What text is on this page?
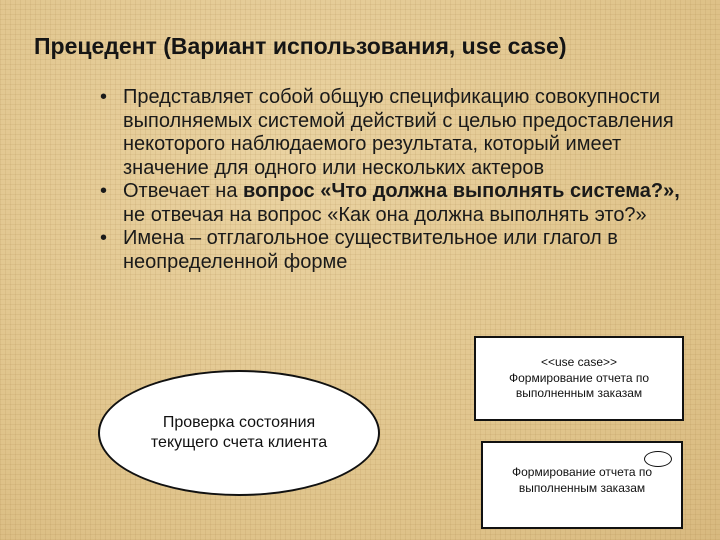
Прецедент (Вариант использования, use case)
• Представляет собой общую спецификацию совокупности выполняемых системой действий с целью предоставления некоторого наблюдаемого результата, который имеет значение для одного или нескольких актеров
• Отвечает на вопрос «Что должна выполнять система?», не отвечая на вопрос «Как она должна выполнять это?»
• Имена – отглагольное существительное или глагол в неопределенной форме
Проверка состояния
текущего счета клиента
<<use case>>
Формирование отчета по
выполненным заказам
Формирование отчета по
выполненным заказам
